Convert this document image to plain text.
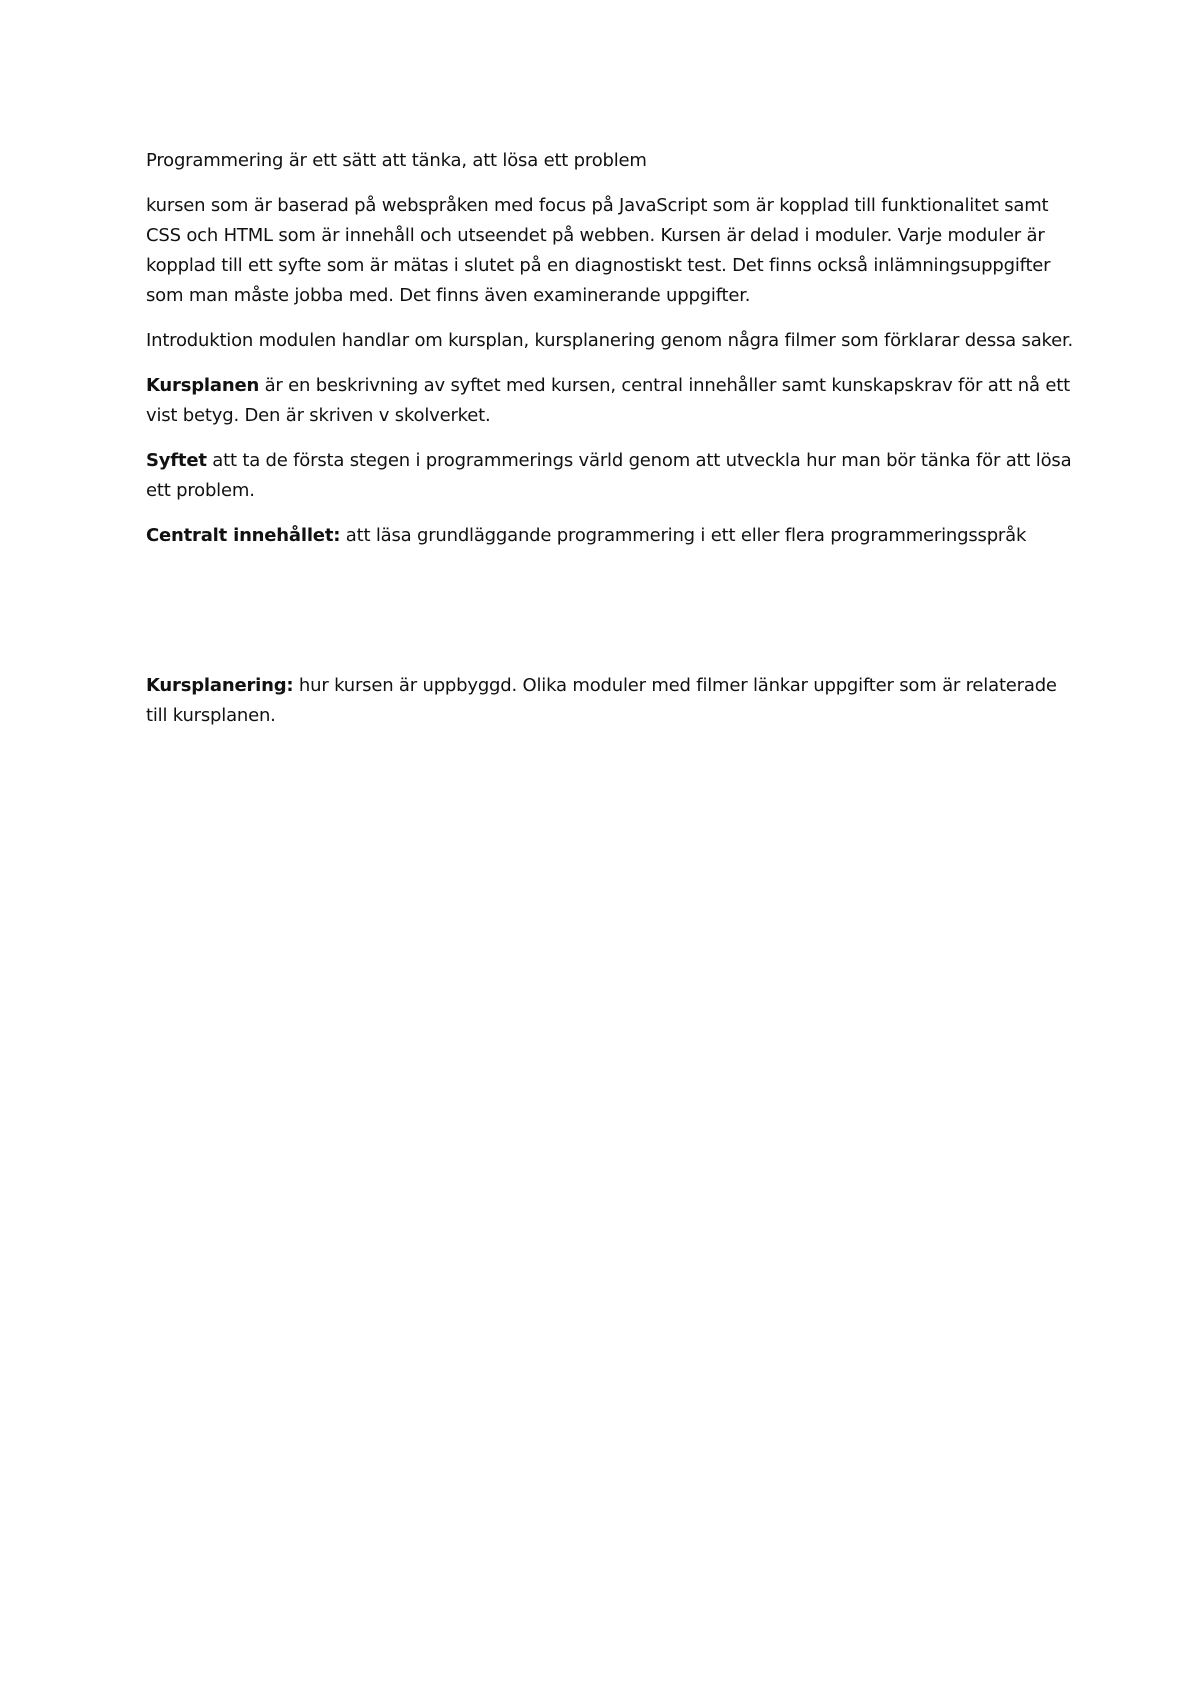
Programmering är ett sätt att tänka, att lösa ett problem

kursen som är baserad på webspråken med focus på JavaScript som är kopplad till funktionalitet samt CSS och HTML som är innehåll och utseendet på webben. Kursen är delad i moduler. Varje moduler är kopplad till ett syfte som är mätas i slutet på en diagnostiskt test. Det finns också inlämningsuppgifter som man måste jobba med. Det finns även examinerande uppgifter.

Introduktion modulen handlar om kursplan, kursplanering genom några filmer som förklarar dessa saker.

Kursplanen är en beskrivning av syftet med kursen, central innehåller samt kunskapskrav för att nå ett vist betyg. Den är skriven v skolverket.

Syftet att ta de första stegen i programmerings värld genom att utveckla hur man bör tänka för att lösa ett problem.

Centralt innehållet: att läsa grundläggande programmering i ett eller flera programmeringsspråk

Kursplanering: hur kursen är uppbyggd. Olika moduler med filmer länkar uppgifter som är relaterade till kursplanen.
